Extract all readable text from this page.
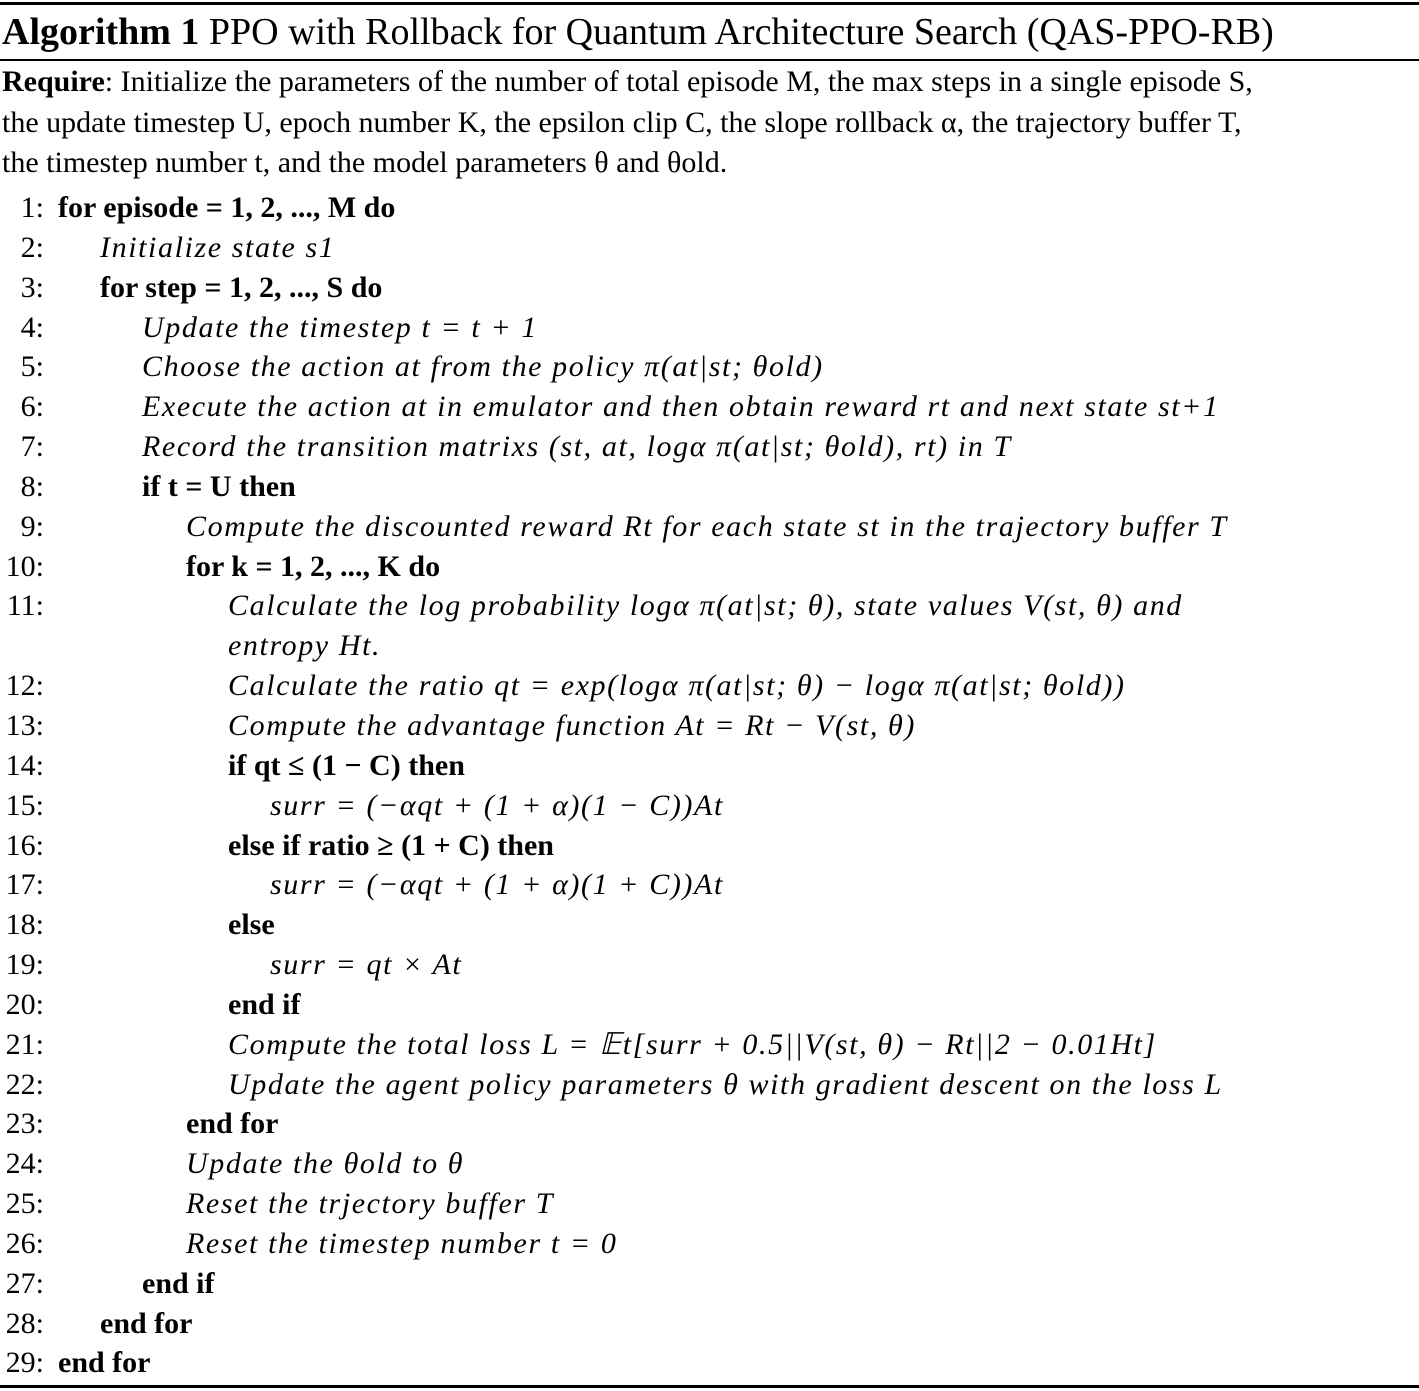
Algorithm 1 PPO with Rollback for Quantum Architecture Search (QAS-PPO-RB)
Require: Initialize the parameters of the number of total episode M, the max steps in a single episode S,
the update timestep U, epoch number K, the epsilon clip C, the slope rollback α, the trajectory buffer T,
the timestep number t, and the model parameters θ and θold.
1: for episode = 1, 2, ..., M do
2: Initialize state s1
3: for step = 1, 2, ..., S do
4:	Update the timestep t = t + 1
5:	Choose the action at from the policy π(at|st; θold)
6:	Execute the action at in emulator and then obtain reward rt and next state st+1
7:	Record the transition matrixs (st, at, logα π(at|st; θold), rt) in T
8:	if t = U then
9:	Compute the discounted reward Rt for each state st in the trajectory buffer T
10:	for k = 1, 2, ..., K do
11:	Calculate the log probability logα π(at|st; θ), state values V(st, θ) and
entropy Ht.
12:	Calculate the ratio qt = exp(logα π(at|st; θ) − logα π(at|st; θold))
13:	Compute the advantage function At = Rt − V(st, θ)
14:	if qt ≤ (1 − C) then
15:	surr = (−αqt + (1 + α)(1 − C))At
16:	else if ratio ≥ (1 + C) then
17:	surr = (−αqt + (1 + α)(1 + C))At
18:	else
19:	surr = qt × At
20:	end if
21:	Compute the total loss L = 𝔼t[surr + 0.5||V(st, θ) − Rt||2 − 0.01Ht]
22:	Update the agent policy parameters θ with gradient descent on the loss L
23:	end for
24:	Update the θold to θ
25:	Reset the trjectory buffer T
26:	Reset the timestep number t = 0
27:	end if
28: end for
29: end for
